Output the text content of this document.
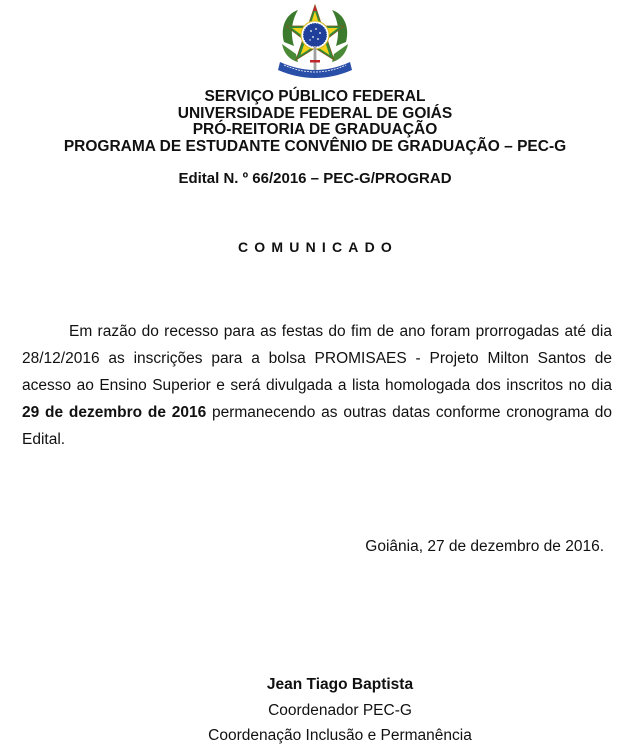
SERVIÇO PÚBLICO FEDERAL
UNIVERSIDADE FEDERAL DE GOIÁS
PRÓ-REITORIA DE GRADUAÇÃO
PROGRAMA DE ESTUDANTE CONVÊNIO DE GRADUAÇÃO – PEC-G
Edital N. º 66/2016 – PEC-G/PROGRAD
COMUNICADO

Em razão do recesso para as festas do fim de ano foram prorrogadas até dia 28/12/2016 as inscrições para a bolsa PROMISAES - Projeto Milton Santos de acesso ao Ensino Superior e será divulgada a lista homologada dos inscritos no dia 29 de dezembro de 2016 permanecendo as outras datas conforme cronograma do Edital.

Goiânia, 27 de dezembro de 2016.
Jean Tiago Baptista
Coordenador PEC-G
Coordenação Inclusão e Permanência
